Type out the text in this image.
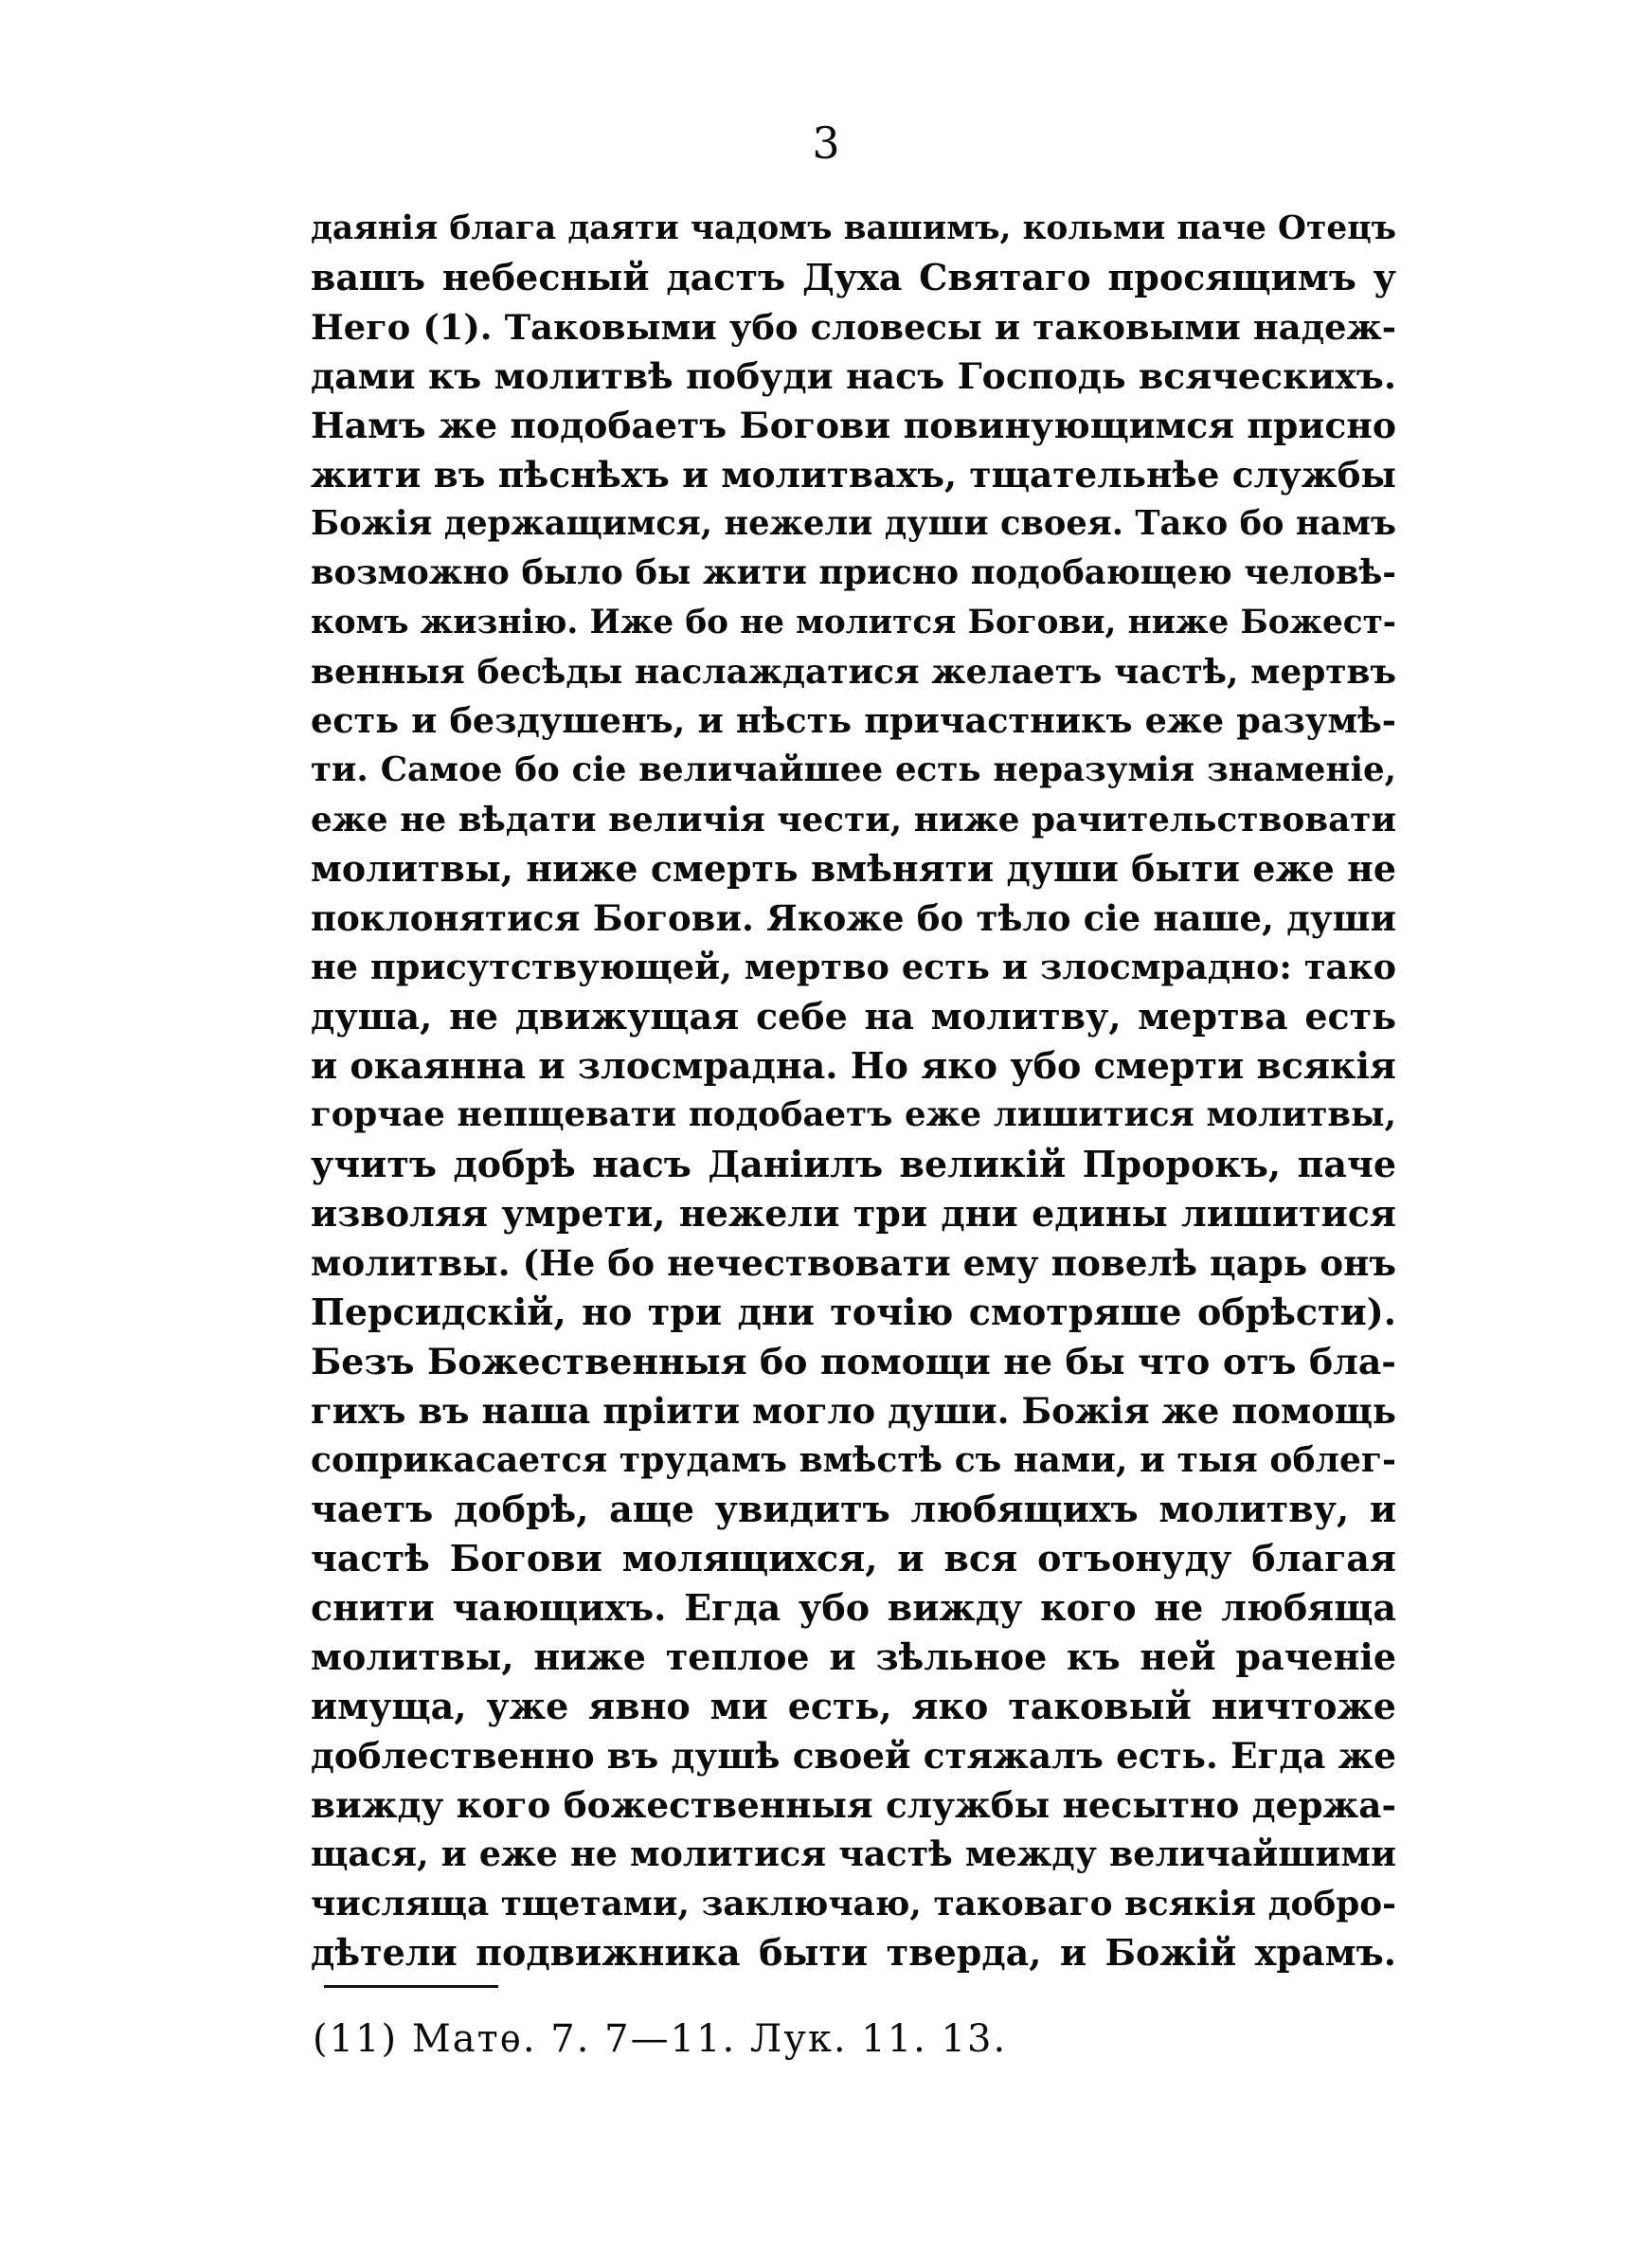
3
даянія блага даяти чадомъ вашимъ, кольми паче Отецъ
вашъ небесный дастъ Духа Святаго просящимъ у
Него (1). Таковыми убо словесы и таковыми надеж-
дами къ молитвѣ побуди насъ Господь всяческихъ.
Намъ же подобаетъ Богови повинующимся присно
жити въ пѣснѣхъ и молитвахъ, тщательнѣе службы
Божія держащимся, нежели души своея. Тако бо намъ
возможно было бы жити присно подобающею человѣ-
комъ жизнію. Иже бо не молится Богови, ниже Божест-
венныя бесѣды наслаждатися желаетъ частѣ, мертвъ
есть и бездушенъ, и нѣсть причастникъ еже разумѣ-
ти. Самое бо сіе величайшее есть неразумія знаменіе,
еже не вѣдати величія чести, ниже рачительствовати
молитвы, ниже смерть вмѣняти души быти еже не
поклонятися Богови. Якоже бо тѣло сіе наше, души
не присутствующей, мертво есть и злосмрадно: тако
душа, не движущая себе на молитву, мертва есть
и окаянна и злосмрадна. Но яко убо смерти всякія
горчае непщевати подобаетъ еже лишитися молитвы,
учитъ добрѣ насъ Даніилъ великій Пророкъ, паче
изволяя умрети, нежели три дни едины лишитися
молитвы. (Не бо нечествовати ему повелѣ царь онъ
Персидскій, но три дни точію смотряше обрѣсти).
Безъ Божественныя бо помощи не бы что отъ бла-
гихъ въ наша пріити могло души. Божія же помощь
соприкасается трудамъ вмѣстѣ съ нами, и тыя облег-
чаетъ добрѣ, аще увидитъ любящихъ молитву, и
частѣ Богови молящихся, и вся отъонуду благая
снити чающихъ. Егда убо вижду кого не любяща
молитвы, ниже теплое и зѣльное къ ней раченіе
имуща, уже явно ми есть, яко таковый ничтоже
доблественно въ душѣ своей стяжалъ есть. Егда же
вижду кого божественныя службы несытно держа-
щася, и еже не молитися частѣ между величайшими
числяща тщетами, заключаю, таковаго всякія добро-
дѣтели подвижника быти тверда, и Божій храмъ.
(11) Матѳ. 7. 7—11. Лук. 11. 13.
